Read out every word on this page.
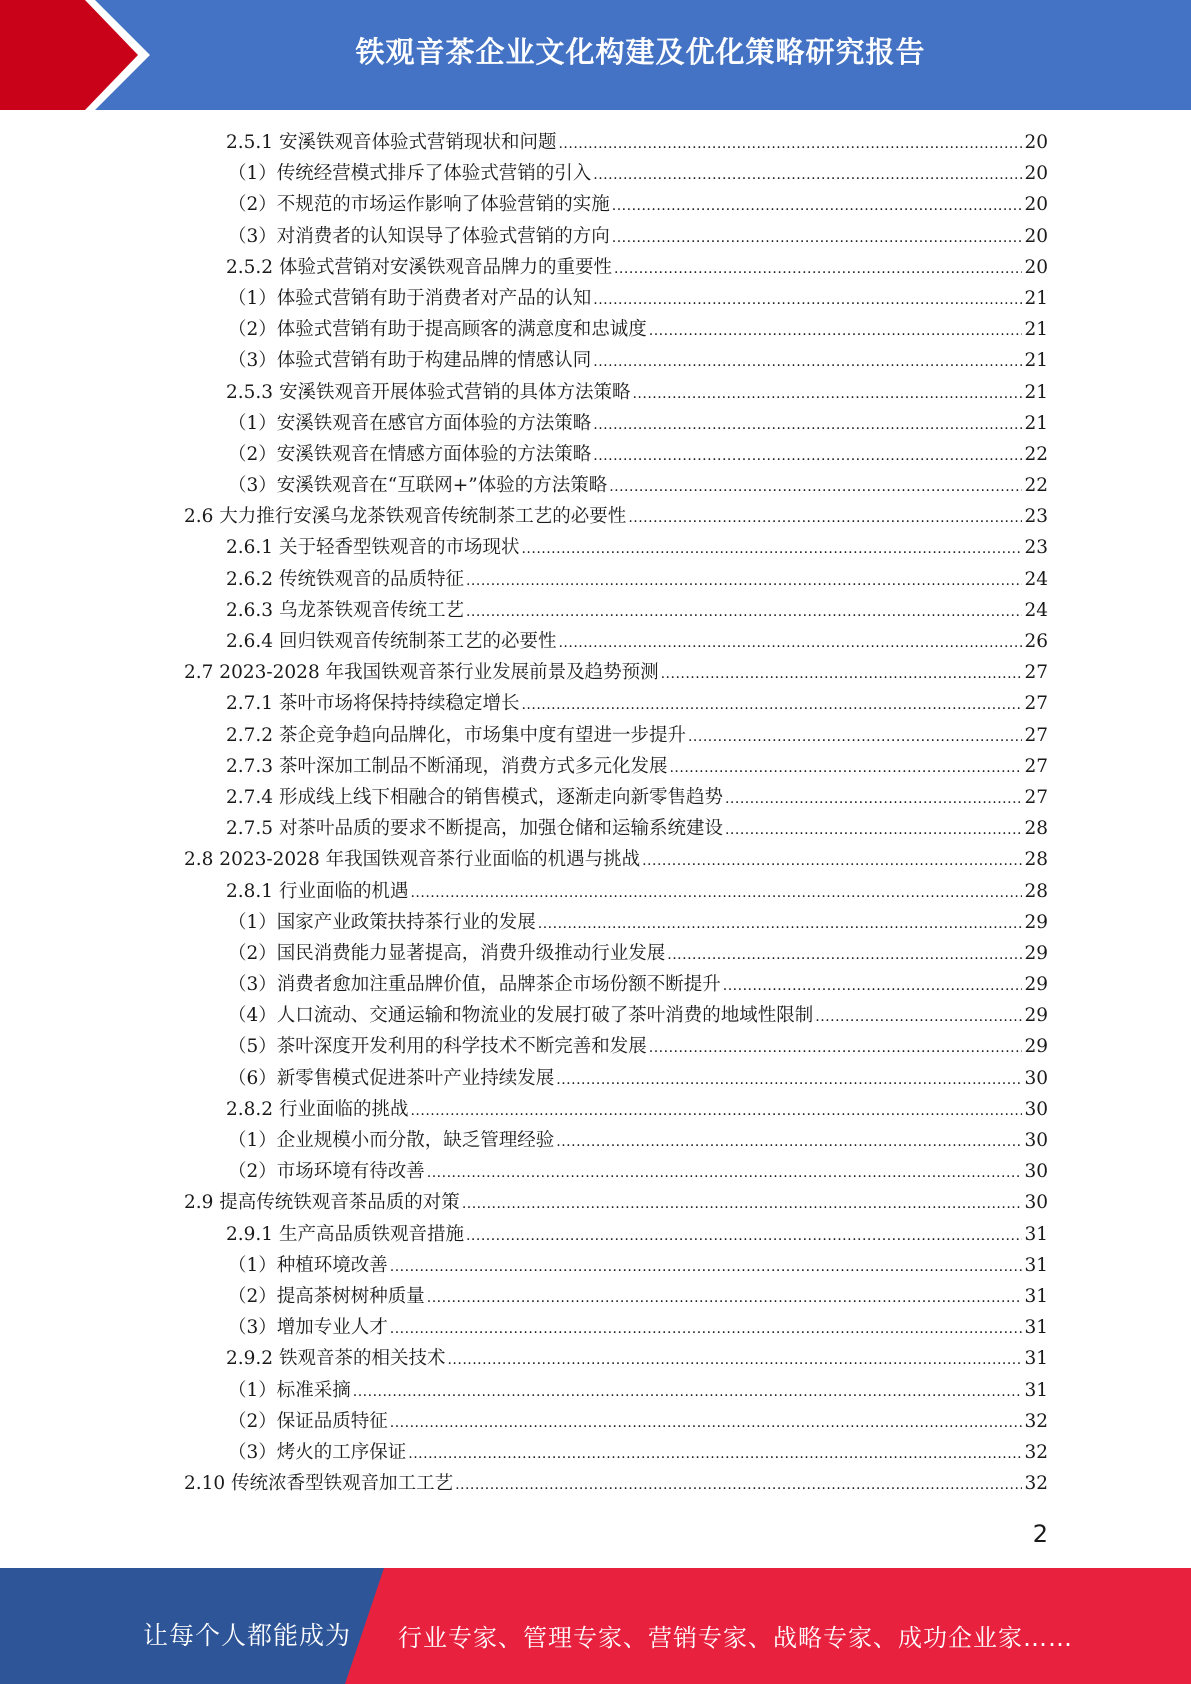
铁观音茶企业文化构建及优化策略研究报告
2.5.1 安溪铁观音体验式营销现状和问题 .....	20
（1）传统经营模式排斥了体验式营销的引入 .....	20
（2）不规范的市场运作影响了体验营销的实施 .....	20
（3）对消费者的认知误导了体验式营销的方向 .....	20
2.5.2 体验式营销对安溪铁观音品牌力的重要性 .....	20
（1）体验式营销有助于消费者对产品的认知 .....	21
（2）体验式营销有助于提高顾客的满意度和忠诚度 .....	21
（3）体验式营销有助于构建品牌的情感认同 .....	21
2.5.3 安溪铁观音开展体验式营销的具体方法策略 .....	21
（1）安溪铁观音在感官方面体验的方法策略 .....	21
（2）安溪铁观音在情感方面体验的方法策略 .....	22
（3）安溪铁观音在“互联网+”体验的方法策略 .....	22
2.6 大力推行安溪乌龙茶铁观音传统制茶工艺的必要性 .....	23
2.6.1 关于轻香型铁观音的市场现状 .....	23
2.6.2 传统铁观音的品质特征 .....	24
2.6.3 乌龙茶铁观音传统工艺 .....	24
2.6.4 回归铁观音传统制茶工艺的必要性 .....	26
2.7 2023-2028 年我国铁观音茶行业发展前景及趋势预测 .....	27
2.7.1 茶叶市场将保持持续稳定增长 .....	27
2.7.2 茶企竞争趋向品牌化，市场集中度有望进一步提升 .....	27
2.7.3 茶叶深加工制品不断涌现，消费方式多元化发展 .....	27
2.7.4 形成线上线下相融合的销售模式，逐渐走向新零售趋势 .....	27
2.7.5 对茶叶品质的要求不断提高，加强仓储和运输系统建设 .....	28
2.8 2023-2028 年我国铁观音茶行业面临的机遇与挑战 .....	28
2.8.1 行业面临的机遇 .....	28
（1）国家产业政策扶持茶行业的发展 .....	29
（2）国民消费能力显著提高，消费升级推动行业发展 .....	29
（3）消费者愈加注重品牌价值，品牌茶企市场份额不断提升 .....	29
（4）人口流动、交通运输和物流业的发展打破了茶叶消费的地域性限制 .....	29
（5）茶叶深度开发利用的科学技术不断完善和发展 .....	29
（6）新零售模式促进茶叶产业持续发展 .....	30
2.8.2 行业面临的挑战 .....	30
（1）企业规模小而分散，缺乏管理经验 .....	30
（2）市场环境有待改善 .....	30
2.9 提高传统铁观音茶品质的对策 .....	30
2.9.1 生产高品质铁观音措施 .....	31
（1）种植环境改善 .....	31
（2）提高茶树树种质量 .....	31
（3）增加专业人才 .....	31
2.9.2 铁观音茶的相关技术 .....	31
（1）标准采摘 .....	31
（2）保证品质特征 .....	32
（3）烤火的工序保证 .....	32
2.10 传统浓香型铁观音加工工艺 .....	32
2
让每个人都能成为 行业专家、管理专家、营销专家、战略专家、成功企业家……
